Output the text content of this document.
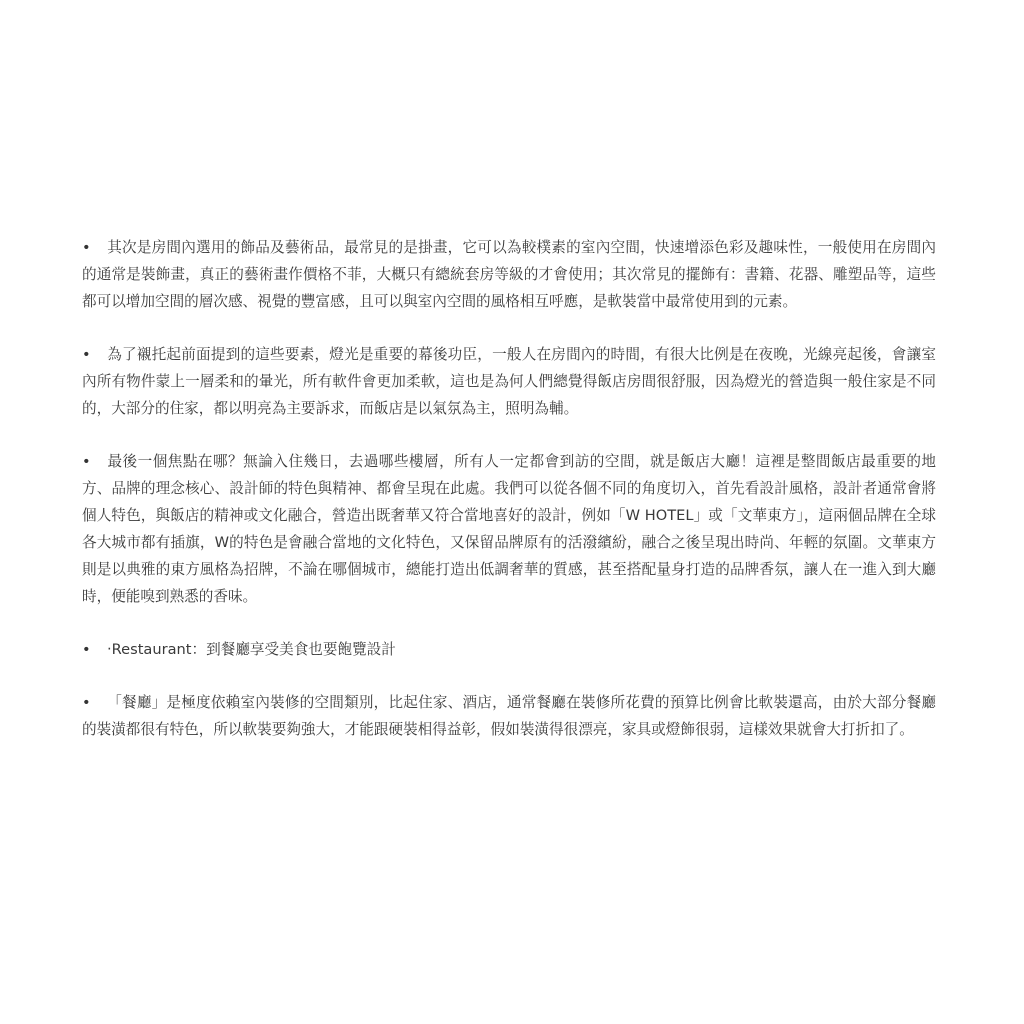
• 其次是房間內選用的飾品及藝術品，最常見的是掛畫，它可以為較樸素的室內空間，快速增添色彩及趣味性，一般使用在房間內的通常是裝飾畫，真正的藝術畫作價格不菲，大概只有總統套房等級的才會使用；其次常見的擺飾有：書籍、花器、雕塑品等，這些都可以增加空間的層次感、視覺的豐富感，且可以與室內空間的風格相互呼應，是軟裝當中最常使用到的元素。

• 為了襯托起前面提到的這些要素，燈光是重要的幕後功臣，一般人在房間內的時間，有很大比例是在夜晚，光線亮起後，會讓室內所有物件蒙上一層柔和的暈光，所有軟件會更加柔軟，這也是為何人們總覺得飯店房間很舒服，因為燈光的營造與一般住家是不同的，大部分的住家，都以明亮為主要訴求，而飯店是以氣氛為主，照明為輔。

• 最後一個焦點在哪？無論入住幾日，去過哪些樓層，所有人一定都會到訪的空間，就是飯店大廳！這裡是整間飯店最重要的地方、品牌的理念核心、設計師的特色與精神、都會呈現在此處。我們可以從各個不同的角度切入，首先看設計風格，設計者通常會將個人特色，與飯店的精神或文化融合，營造出既奢華又符合當地喜好的設計，例如「W HOTEL」或「文華東方」，這兩個品牌在全球各大城市都有插旗，W的特色是會融合當地的文化特色，又保留品牌原有的活潑繽紛，融合之後呈現出時尚、年輕的氛圍。文華東方則是以典雅的東方風格為招牌，不論在哪個城市，總能打造出低調奢華的質感，甚至搭配量身打造的品牌香氛，讓人在一進入到大廳時，便能嗅到熟悉的香味。

• ‧Restaurant：到餐廳享受美食也要飽覽設計

• 「餐廳」是極度依賴室內裝修的空間類別，比起住家、酒店，通常餐廳在裝修所花費的預算比例會比軟裝還高，由於大部分餐廳的裝潢都很有特色，所以軟裝要夠強大，才能跟硬裝相得益彰，假如裝潢得很漂亮，家具或燈飾很弱，這樣效果就會大打折扣了。
